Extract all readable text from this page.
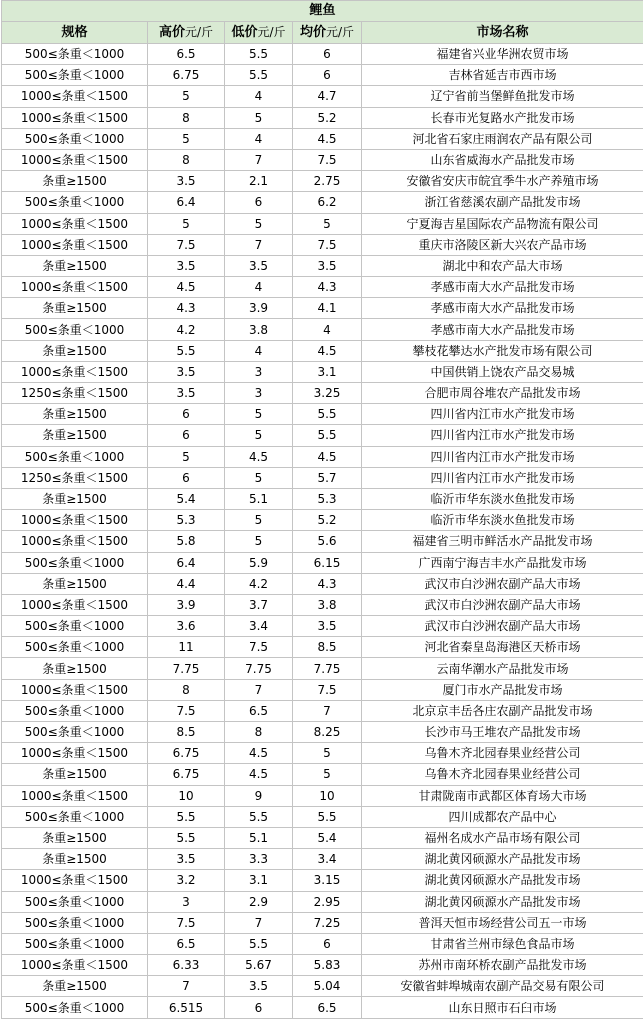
鲤鱼				
规格	高价元/斤	低价元/斤	均价元/斤	市场名称
500≤条重＜1000	6.5	5.5	6	福建省兴业华洲农贸市场
500≤条重＜1000	6.75	5.5	6	吉林省延吉市西市场
1000≤条重＜1500	5	4	4.7	辽宁省前当堡鲜鱼批发市场
1000≤条重＜1500	8	5	5.2	长春市光复路水产批发市场
500≤条重＜1000	5	4	4.5	河北省石家庄雨润农产品有限公司
1000≤条重＜1500	8	7	7.5	山东省威海水产品批发市场
条重≥1500	3.5	2.1	2.75	安徽省安庆市皖宜季牛水产养殖市场
500≤条重＜1000	6.4	6	6.2	浙江省慈溪农副产品批发市场
1000≤条重＜1500	5	5	5	宁夏海吉星国际农产品物流有限公司
1000≤条重＜1500	7.5	7	7.5	重庆市洛陵区新大兴农产品市场
条重≥1500	3.5	3.5	3.5	湖北中和农产品大市场
1000≤条重＜1500	4.5	4	4.3	孝感市南大水产品批发市场
条重≥1500	4.3	3.9	4.1	孝感市南大水产品批发市场
500≤条重＜1000	4.2	3.8	4	孝感市南大水产品批发市场
条重≥1500	5.5	4	4.5	攀枝花攀达水产批发市场有限公司
1000≤条重＜1500	3.5	3	3.1	中国供销上饶农产品交易城
1250≤条重＜1500	3.5	3	3.25	合肥市周谷堆农产品批发市场
条重≥1500	6	5	5.5	四川省内江市水产批发市场
条重≥1500	6	5	5.5	四川省内江市水产批发市场
500≤条重＜1000	5	4.5	4.5	四川省内江市水产批发市场
1250≤条重＜1500	6	5	5.7	四川省内江市水产批发市场
条重≥1500	5.4	5.1	5.3	临沂市华东淡水鱼批发市场
1000≤条重＜1500	5.3	5	5.2	临沂市华东淡水鱼批发市场
1000≤条重＜1500	5.8	5	5.6	福建省三明市鲜活水产品批发市场
500≤条重＜1000	6.4	5.9	6.15	广西南宁海吉丰水产品批发市场
条重≥1500	4.4	4.2	4.3	武汉市白沙洲农副产品大市场
1000≤条重＜1500	3.9	3.7	3.8	武汉市白沙洲农副产品大市场
500≤条重＜1000	3.6	3.4	3.5	武汉市白沙洲农副产品大市场
500≤条重＜1000	11	7.5	8.5	河北省秦皇岛海港区天桥市场
条重≥1500	7.75	7.75	7.75	云南华潮水产品批发市场
1000≤条重＜1500	8	7	7.5	厦门市水产品批发市场
500≤条重＜1000	7.5	6.5	7	北京京丰岳各庄农副产品批发市场
500≤条重＜1000	8.5	8	8.25	长沙市马王堆农产品批发市场
1000≤条重＜1500	6.75	4.5	5	乌鲁木齐北园春果业经营公司
条重≥1500	6.75	4.5	5	乌鲁木齐北园春果业经营公司
1000≤条重＜1500	10	9	10	甘肃陇南市武都区体育场大市场
500≤条重＜1000	5.5	5.5	5.5	四川成都农产品中心
条重≥1500	5.5	5.1	5.4	福州名成水产品市场有限公司
条重≥1500	3.5	3.3	3.4	湖北黄冈硕源水产品批发市场
1000≤条重＜1500	3.2	3.1	3.15	湖北黄冈硕源水产品批发市场
500≤条重＜1000	3	2.9	2.95	湖北黄冈硕源水产品批发市场
500≤条重＜1000	7.5	7	7.25	普洱天恒市场经营公司五一市场
500≤条重＜1000	6.5	5.5	6	甘肃省兰州市绿色食品市场
1000≤条重＜1500	6.33	5.67	5.83	苏州市南环桥农副产品批发市场
条重≥1500	7	3.5	5.04	安徽省蚌埠城南农副产品交易有限公司
500≤条重＜1000	6.515	6	6.5	山东日照市石臼市场
